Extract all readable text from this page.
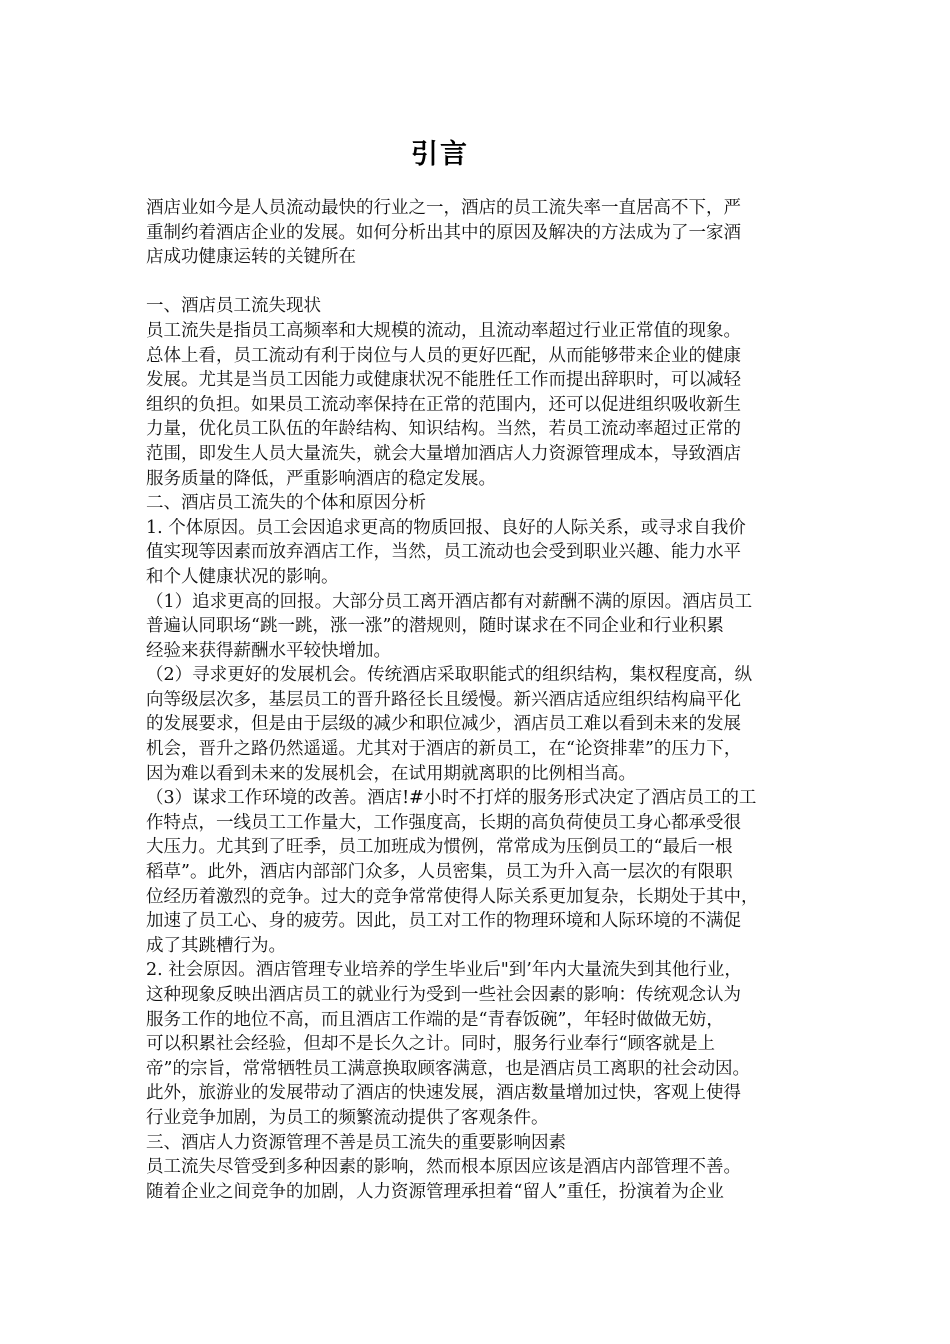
引言
酒店业如今是人员流动最快的行业之一，酒店的员工流失率一直居高不下，严
重制约着酒店企业的发展。如何分析出其中的原因及解决的方法成为了一家酒
店成功健康运转的关键所在
一、酒店员工流失现状
员工流失是指员工高频率和大规模的流动，且流动率超过行业正常值的现象。
总体上看，员工流动有利于岗位与人员的更好匹配，从而能够带来企业的健康
发展。尤其是当员工因能力或健康状况不能胜任工作而提出辞职时，可以减轻
组织的负担。如果员工流动率保持在正常的范围内，还可以促进组织吸收新生
力量，优化员工队伍的年龄结构、知识结构。当然，若员工流动率超过正常的
范围，即发生人员大量流失，就会大量增加酒店人力资源管理成本，导致酒店
服务质量的降低，严重影响酒店的稳定发展。
二、酒店员工流失的个体和原因分析
1. 个体原因。员工会因追求更高的物质回报、良好的人际关系，或寻求自我价
值实现等因素而放弃酒店工作，当然，员工流动也会受到职业兴趣、能力水平
和个人健康状况的影响。
（1）追求更高的回报。大部分员工离开酒店都有对薪酬不满的原因。酒店员工
普遍认同职场“跳一跳，涨一涨”的潜规则，随时谋求在不同企业和行业积累
经验来获得薪酬水平较快增加。
（2）寻求更好的发展机会。传统酒店采取职能式的组织结构，集权程度高，纵
向等级层次多，基层员工的晋升路径长且缓慢。新兴酒店适应组织结构扁平化
的发展要求，但是由于层级的减少和职位减少，酒店员工难以看到未来的发展
机会，晋升之路仍然遥遥。尤其对于酒店的新员工，在“论资排辈”的压力下，
因为难以看到未来的发展机会，在试用期就离职的比例相当高。
（3）谋求工作环境的改善。酒店!#小时不打烊的服务形式决定了酒店员工的工
作特点，一线员工工作量大，工作强度高，长期的高负荷使员工身心都承受很
大压力。尤其到了旺季，员工加班成为惯例，常常成为压倒员工的“最后一根
稻草”。此外，酒店内部部门众多，人员密集，员工为升入高一层次的有限职
位经历着激烈的竞争。过大的竞争常常使得人际关系更加复杂，长期处于其中，
加速了员工心、身的疲劳。因此，员工对工作的物理环境和人际环境的不满促
成了其跳槽行为。
2. 社会原因。酒店管理专业培养的学生毕业后"到’年内大量流失到其他行业，
这种现象反映出酒店员工的就业行为受到一些社会因素的影响：传统观念认为
服务工作的地位不高，而且酒店工作端的是“青春饭碗”，年轻时做做无妨，
可以积累社会经验，但却不是长久之计。同时，服务行业奉行“顾客就是上
帝”的宗旨，常常牺牲员工满意换取顾客满意，也是酒店员工离职的社会动因。
此外，旅游业的发展带动了酒店的快速发展，酒店数量增加过快，客观上使得
行业竞争加剧，为员工的频繁流动提供了客观条件。
三、酒店人力资源管理不善是员工流失的重要影响因素
员工流失尽管受到多种因素的影响，然而根本原因应该是酒店内部管理不善。
随着企业之间竞争的加剧，人力资源管理承担着“留人”重任，扮演着为企业
